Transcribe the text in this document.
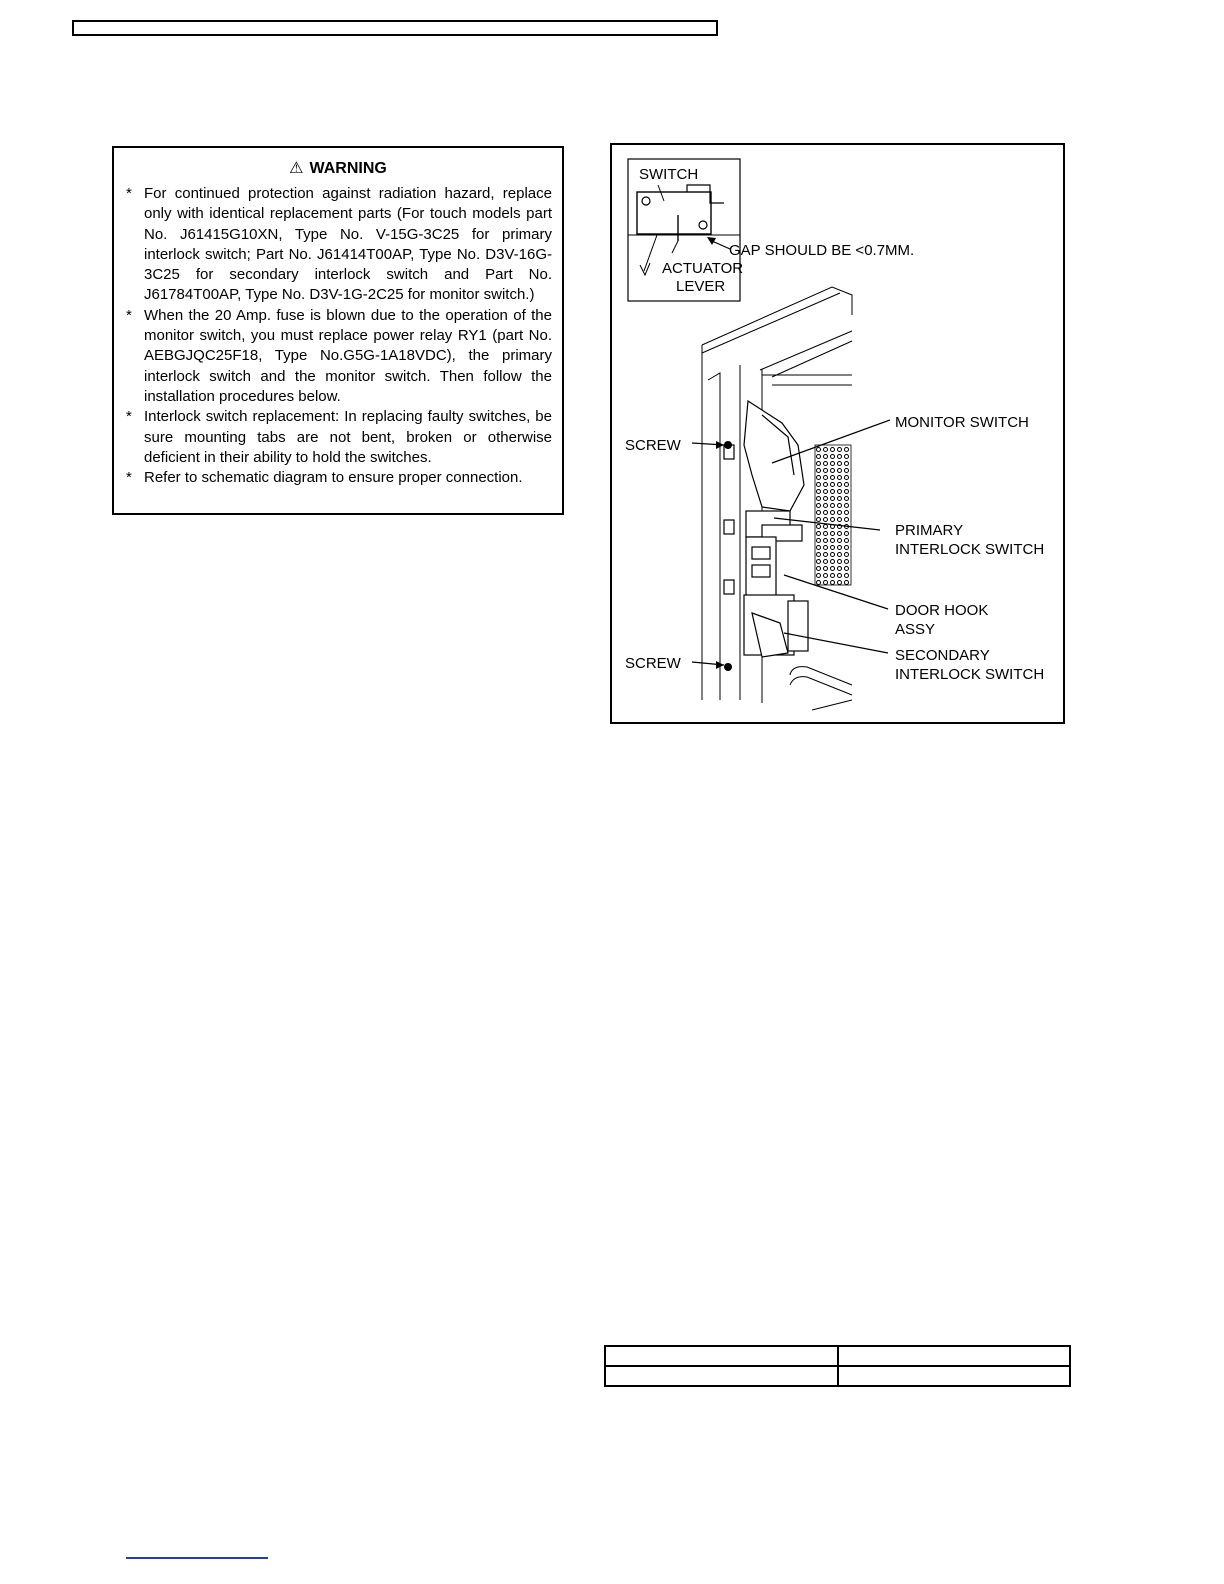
⚠ WARNING
* For continued protection against radiation hazard, replace only with identical replacement parts (For touch models part No. J61415G10XN, Type No. V-15G-3C25 for primary interlock switch; Part No. J61414T00AP, Type No. D3V-16G-3C25 for secondary interlock switch and Part No. J61784T00AP, Type No. D3V-1G-2C25 for monitor switch.)
* When the 20 Amp. fuse is blown due to the operation of the monitor switch, you must replace power relay RY1 (part No. AEBGJQC25F18, Type No.G5G-1A18VDC), the primary interlock switch and the monitor switch. Then follow the installation procedures below.
* Interlock switch replacement: In replacing faulty switches, be sure mounting tabs are not bent, broken or otherwise deficient in their ability to hold the switches.
* Refer to schematic diagram to ensure proper connection.
SWITCH
ACTUATOR
LEVER
GAP SHOULD BE <0.7MM.
SCREW
SCREW
MONITOR SWITCH
PRIMARY
INTERLOCK SWITCH
DOOR HOOK
ASSY
SECONDARY
INTERLOCK SWITCH
